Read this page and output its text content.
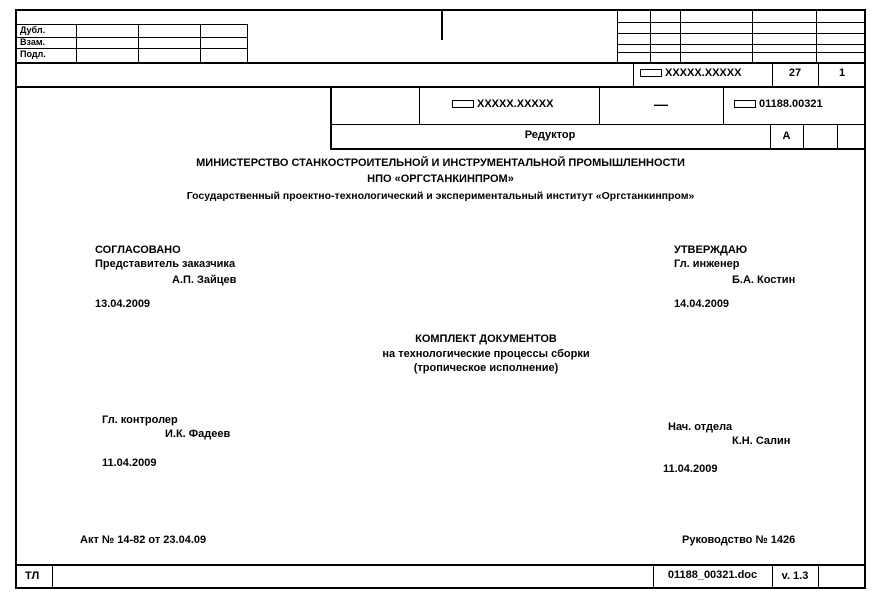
Дубл.
Взам.
Подл.
XXXXX.XXXXX	27	1
XXXXX.XXXXX	—	01188.00321
Редуктор	А
МИНИСТЕРСТВО СТАНКОСТРОИТЕЛЬНОЙ И ИНСТРУМЕНТАЛЬНОЙ ПРОМЫШЛЕННОСТИ
НПО «ОРГСТАНКИНПРОМ»
Государственный проектно-технологический и экспериментальный институт «Оргстанкинпром»
СОГЛАСОВАНО
Представитель заказчика
А.П. Зайцев
13.04.2009
УТВЕРЖДАЮ
Гл. инженер
Б.А. Костин
14.04.2009
КОМПЛЕКТ ДОКУМЕНТОВ
на технологические процессы сборки
(тропическое исполнение)
Гл. контролер
И.К. Фадеев
11.04.2009
Нач. отдела
К.Н. Салин
11.04.2009
Акт № 14-82 от 23.04.09	Руководство № 1426
ТЛ	01188_00321.doc	v. 1.3
